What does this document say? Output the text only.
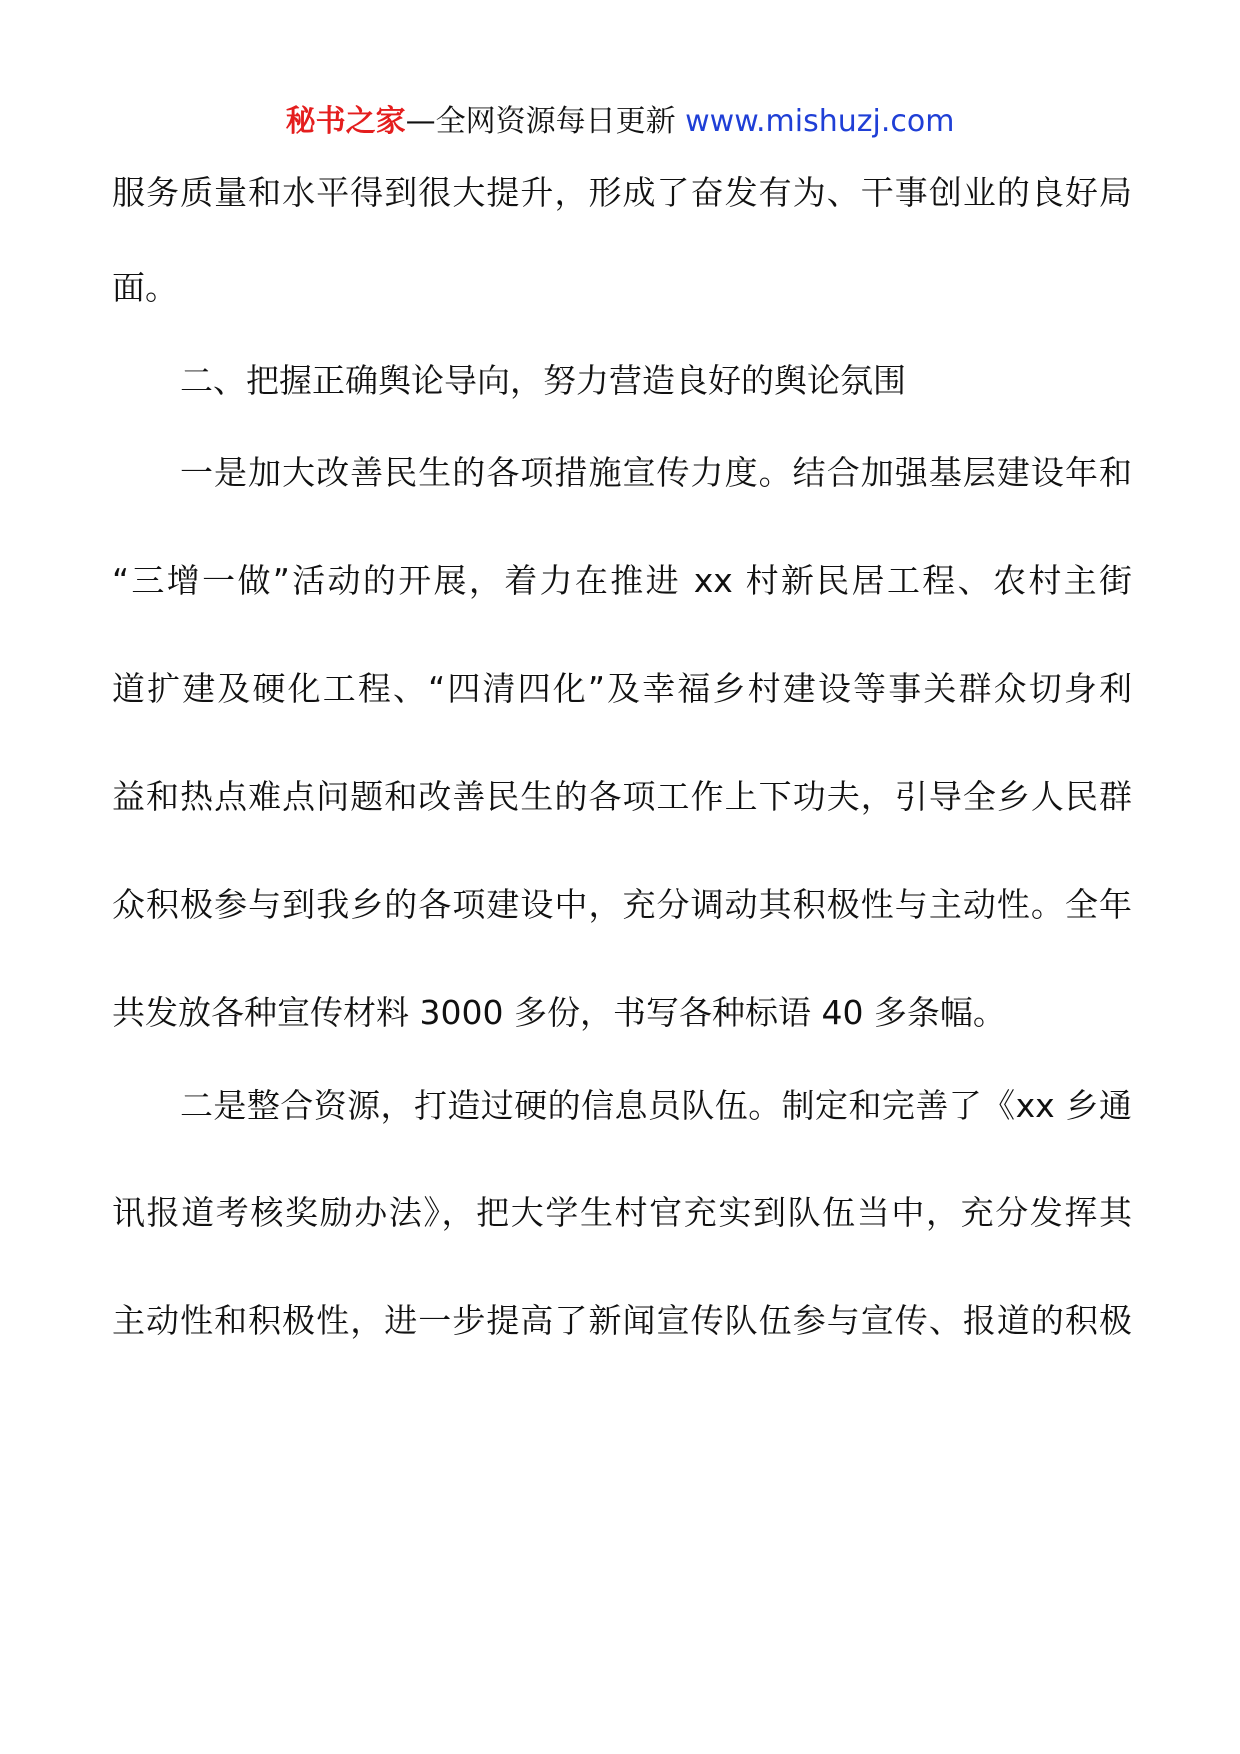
秘书之家—全网资源每日更新 www.mishuzj.com
服务质量和水平得到很大提升，形成了奋发有为、干事创业的良好局
面。
二、把握正确舆论导向，努力营造良好的舆论氛围
一是加大改善民生的各项措施宣传力度。结合加强基层建设年和
“三增一做”活动的开展，着力在推进 xx 村新民居工程、农村主街
道扩建及硬化工程、“四清四化”及幸福乡村建设等事关群众切身利
益和热点难点问题和改善民生的各项工作上下功夫，引导全乡人民群
众积极参与到我乡的各项建设中，充分调动其积极性与主动性。全年
共发放各种宣传材料 3000 多份，书写各种标语 40 多条幅。
二是整合资源，打造过硬的信息员队伍。制定和完善了《xx 乡通
讯报道考核奖励办法》，把大学生村官充实到队伍当中，充分发挥其
主动性和积极性，进一步提高了新闻宣传队伍参与宣传、报道的积极
